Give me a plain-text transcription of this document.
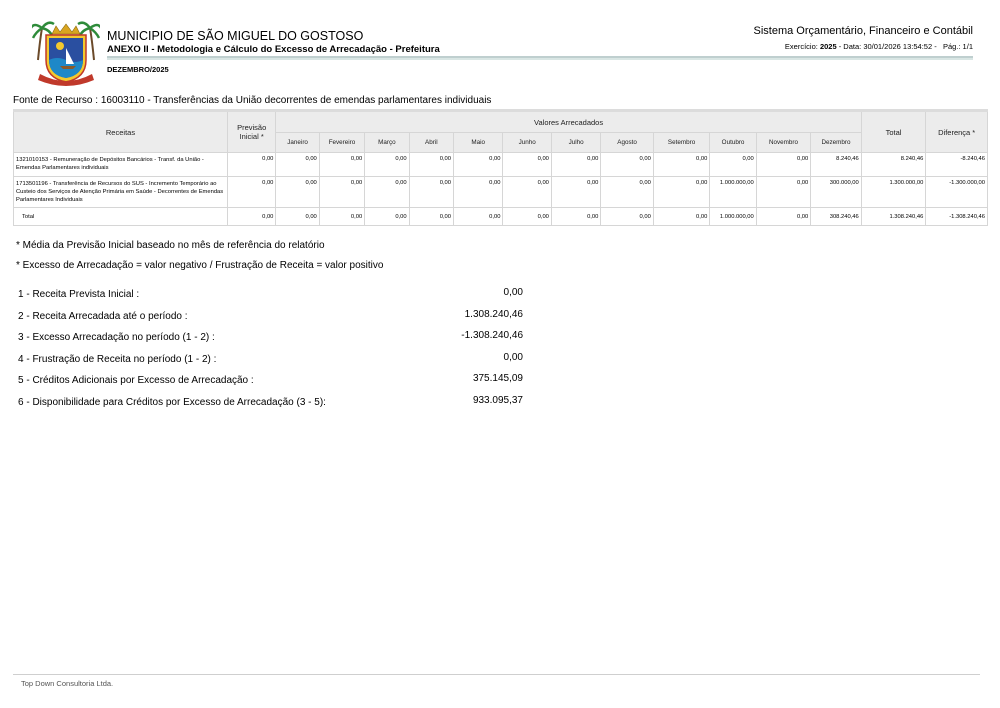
MUNICIPIO DE SÃO MIGUEL DO GOSTOSO
ANEXO II - Metodologia e Cálculo do Excesso de Arrecadação - Prefeitura
DEZEMBRO/2025
Sistema Orçamentário, Financeiro e Contábil
Exercício: 2025 - Data: 30/01/2026 13:54:52 -   Pág.: 1/1
Fonte de Recurso : 16003110 - Transferências da União decorrentes de emendas parlamentares individuais
Receitas	Previsão Inicial *	Valores Arrecadados												Total	Diferença *
		Janeiro	Fevereiro	Março	Abril	Maio	Junho	Julho	Agosto	Setembro	Outubro	Novembro	Dezembro		
1321010153 - Remuneração de Depósitos Bancários - Transf. da União - Emendas Parlamentares individuais	0,00	0,00	0,00	0,00	0,00	0,00	0,00	0,00	0,00	0,00	0,00	0,00	8.240,46	8.240,46	-8.240,46
1713501196 - Transferência de Recursos do SUS - Incremento Temporário ao Custeio dos Serviços de Atenção Primária em Saúde - Decorrentes de Emendas Parlamentares Individuais	0,00	0,00	0,00	0,00	0,00	0,00	0,00	0,00	0,00	0,00	1.000.000,00	0,00	300.000,00	1.300.000,00	-1.300.000,00
Total	0,00	0,00	0,00	0,00	0,00	0,00	0,00	0,00	0,00	0,00	1.000.000,00	0,00	308.240,46	1.308.240,46	-1.308.240,46
* Média da Previsão Inicial baseado no mês de referência do relatório
* Excesso de Arrecadação = valor negativo / Frustração de Receita = valor positivo
1 - Receita Prevista Inicial :	0,00
2 - Receita Arrecadada até o período :	1.308.240,46
3 - Excesso Arrecadação no período (1 - 2) :	-1.308.240,46
4 - Frustração de Receita no período (1 - 2) :	0,00
5 - Créditos Adicionais por Excesso de Arrecadação :	375.145,09
6 - Disponibilidade para Créditos por Excesso de Arrecadação (3 - 5):	933.095,37
Top Down Consultoria Ltda.
